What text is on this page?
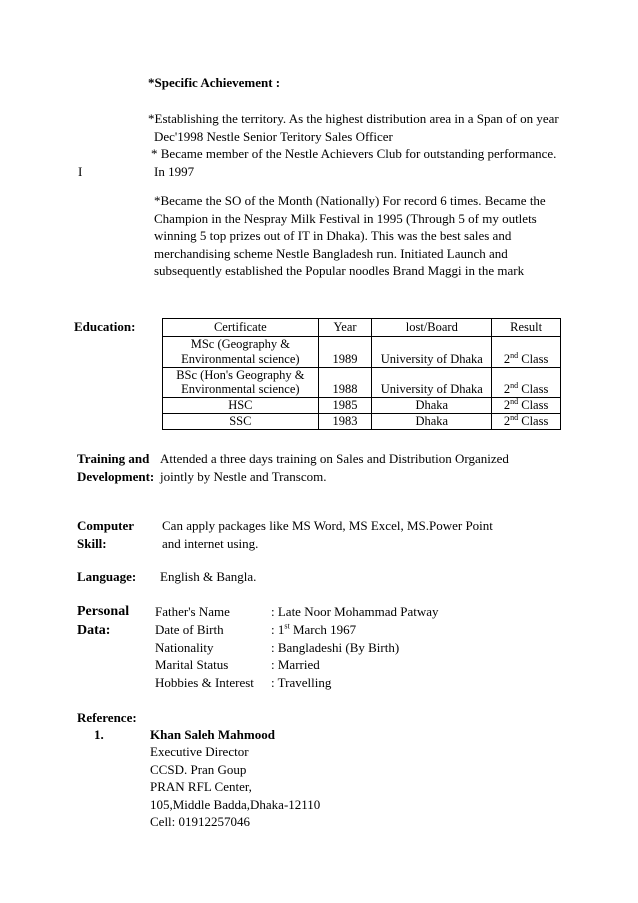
*Specific Achievement :
I
*Establishing the territory. As the highest distribution area in a Span of on year
Dec'1998 Nestle Senior Teritory Sales Officer
* Became member of the Nestle Achievers Club for outstanding performance.
In 1997
*Became the SO of the Month (Nationally) For record 6 times. Became the
Champion in the Nespray Milk Festival in 1995 (Through 5 of my outlets
winning 5 top prizes out of IT in Dhaka). This was the best sales and
merchandising scheme Nestle Bangladesh run. Initiated Launch and
subsequently established the Popular noodles Brand Maggi in the mark
Education:	Certificate	Year	lost/Board	Result
MSc (Geography &
Environmental science)	1989	University of Dhaka	2nd Class
BSc (Hon's Geography &
Environmental science)	1988	University of Dhaka	2nd Class
HSC	1985	Dhaka	2nd Class
SSC	1983	Dhaka	2nd Class
Training and
Development:
Attended a three days training on Sales and Distribution Organized
jointly by Nestle and Transcom.
Computer
Skill:
Can apply packages like MS Word, MS Excel, MS.Power Point
and internet using.
Language: English & Bangla.
Personal
Data:
Father's Name	: Late Noor Mohammad Patway
Date of Birth	: 1st March 1967
Nationality	: Bangladeshi (By Birth)
Marital Status	: Married
Hobbies & Interest : Travelling
Reference:
1.	Khan Saleh Mahmood
Executive Director
CCSD. Pran Goup
PRAN RFL Center,
105,Middle Badda,Dhaka-12110
Cell: 01912257046
